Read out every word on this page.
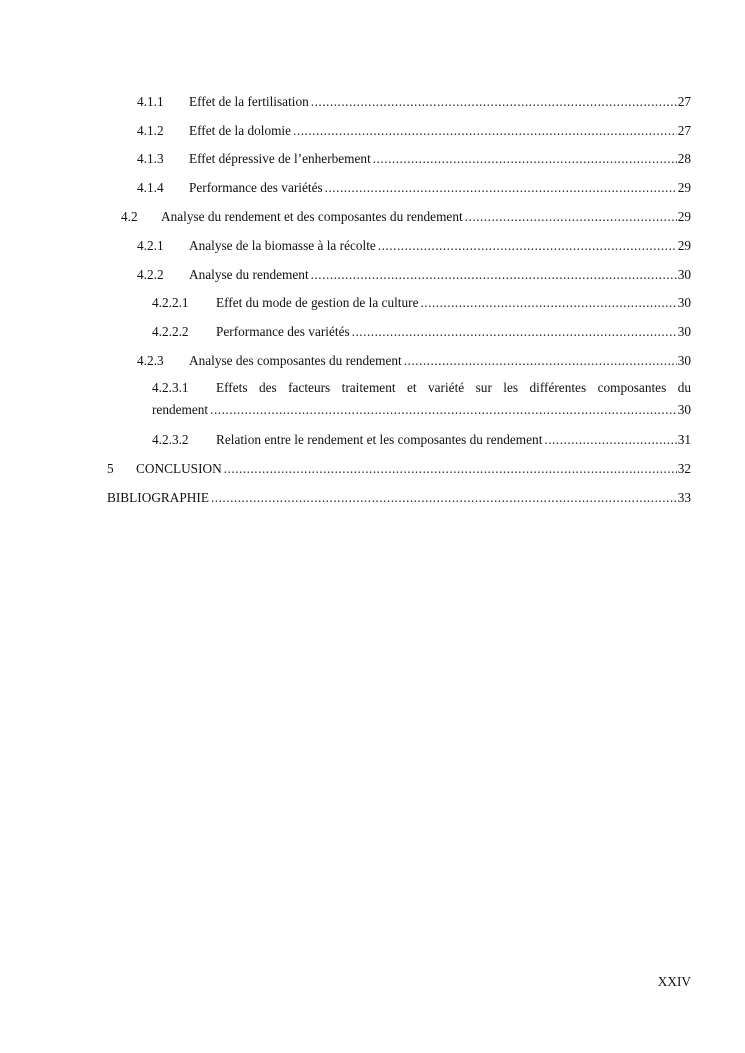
4.1.1	Effet de la fertilisation .....	27
4.1.2	Effet de la dolomie .....	27
4.1.3	Effet dépressive de l’enherbement .....	28
4.1.4	Performance des variétés .....	29
4.2	Analyse du rendement et des composantes du rendement .....	29
4.2.1	Analyse de la biomasse à la récolte .....	29
4.2.2	Analyse du rendement .....	30
4.2.2.1	Effet du mode de gestion de la culture .....	30
4.2.2.2	Performance des variétés .....	30
4.2.3	Analyse des composantes du rendement .....	30
4.2.3.1	Effets des facteurs traitement et variété sur les différentes composantes du
rendement .....	30
4.2.3.2	Relation entre le rendement et les composantes du rendement .....	31
5	CONCLUSION .....	32
BIBLIOGRAPHIE .....	33
XXIV
